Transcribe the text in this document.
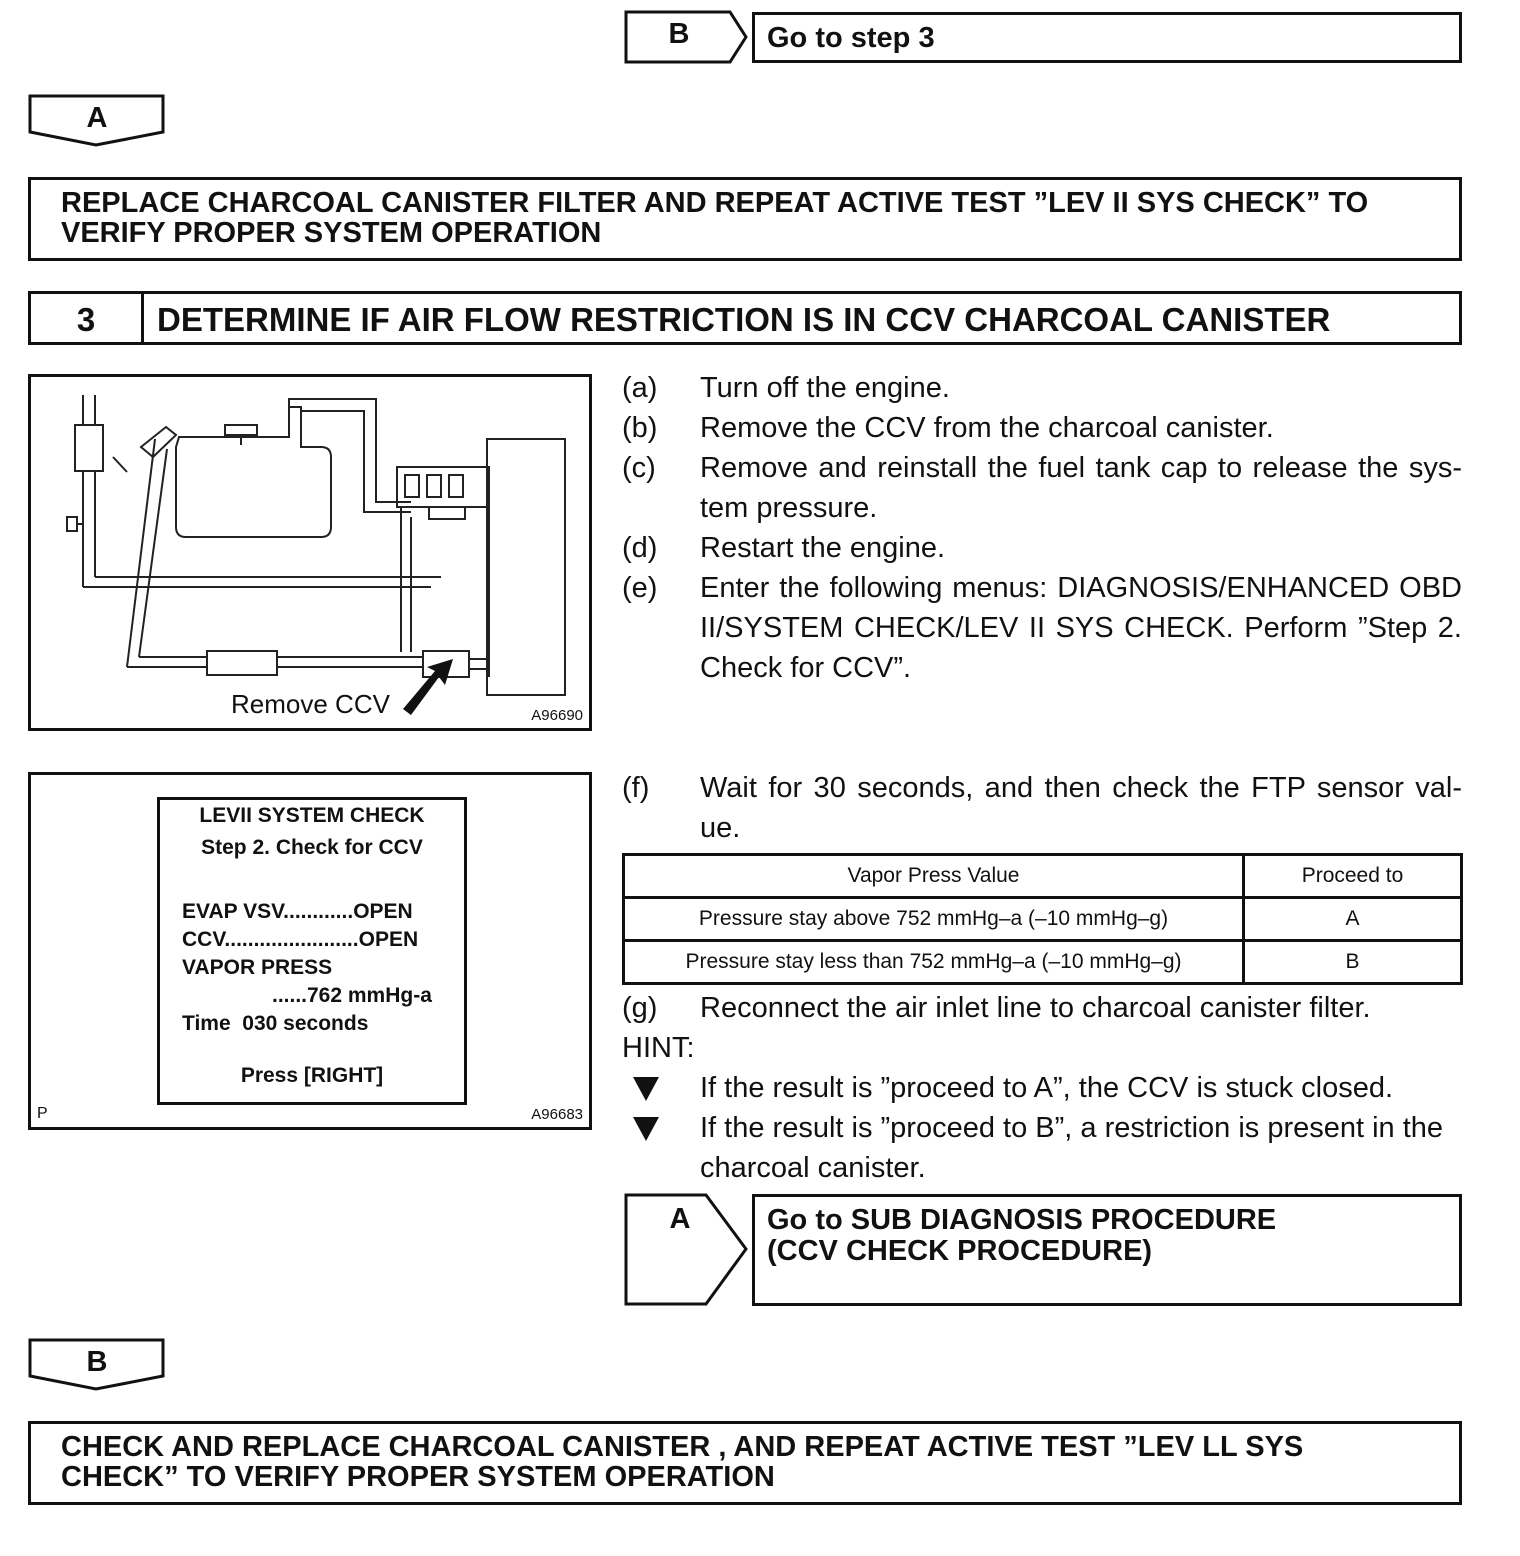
B	Go to step 3
A
REPLACE CHARCOAL CANISTER FILTER AND REPEAT ACTIVE TEST ”LEV II SYS CHECK” TO VERIFY PROPER SYSTEM OPERATION
3	DETERMINE IF AIR FLOW RESTRICTION IS IN CCV CHARCOAL CANISTER
Remove CCV	A96690
(a) Turn off the engine.
(b) Remove the CCV from the charcoal canister.
(c) Remove and reinstall the fuel tank cap to release the sys- tem pressure.
(d) Restart the engine.
(e) Enter the following menus: DIAGNOSIS/ENHANCED OBD II/SYSTEM CHECK/LEV II SYS CHECK. Perform ”Step 2. Check for CCV”.
LEVII SYSTEM CHECK
Step 2. Check for CCV
EVAP VSV............OPEN
CCV.......................OPEN
VAPOR PRESS
......762 mmHg-a
Time  030 seconds
Press [RIGHT]
P	A96683
(f) Wait for 30 seconds, and then check the FTP sensor val- ue.
Vapor Press Value	Proceed to
Pressure stay above 752 mmHg–a (–10 mmHg–g)	A
Pressure stay less than 752 mmHg–a (–10 mmHg–g)	B
(g) Reconnect the air inlet line to charcoal canister filter.
HINT:
If the result is ”proceed to A”, the CCV is stuck closed.
If the result is ”proceed to B”, a restriction is present in the charcoal canister.
A	Go to SUB DIAGNOSIS PROCEDURE
(CCV CHECK PROCEDURE)
B
CHECK AND REPLACE CHARCOAL CANISTER , AND REPEAT ACTIVE TEST ”LEV LL SYS CHECK” TO VERIFY PROPER SYSTEM OPERATION
